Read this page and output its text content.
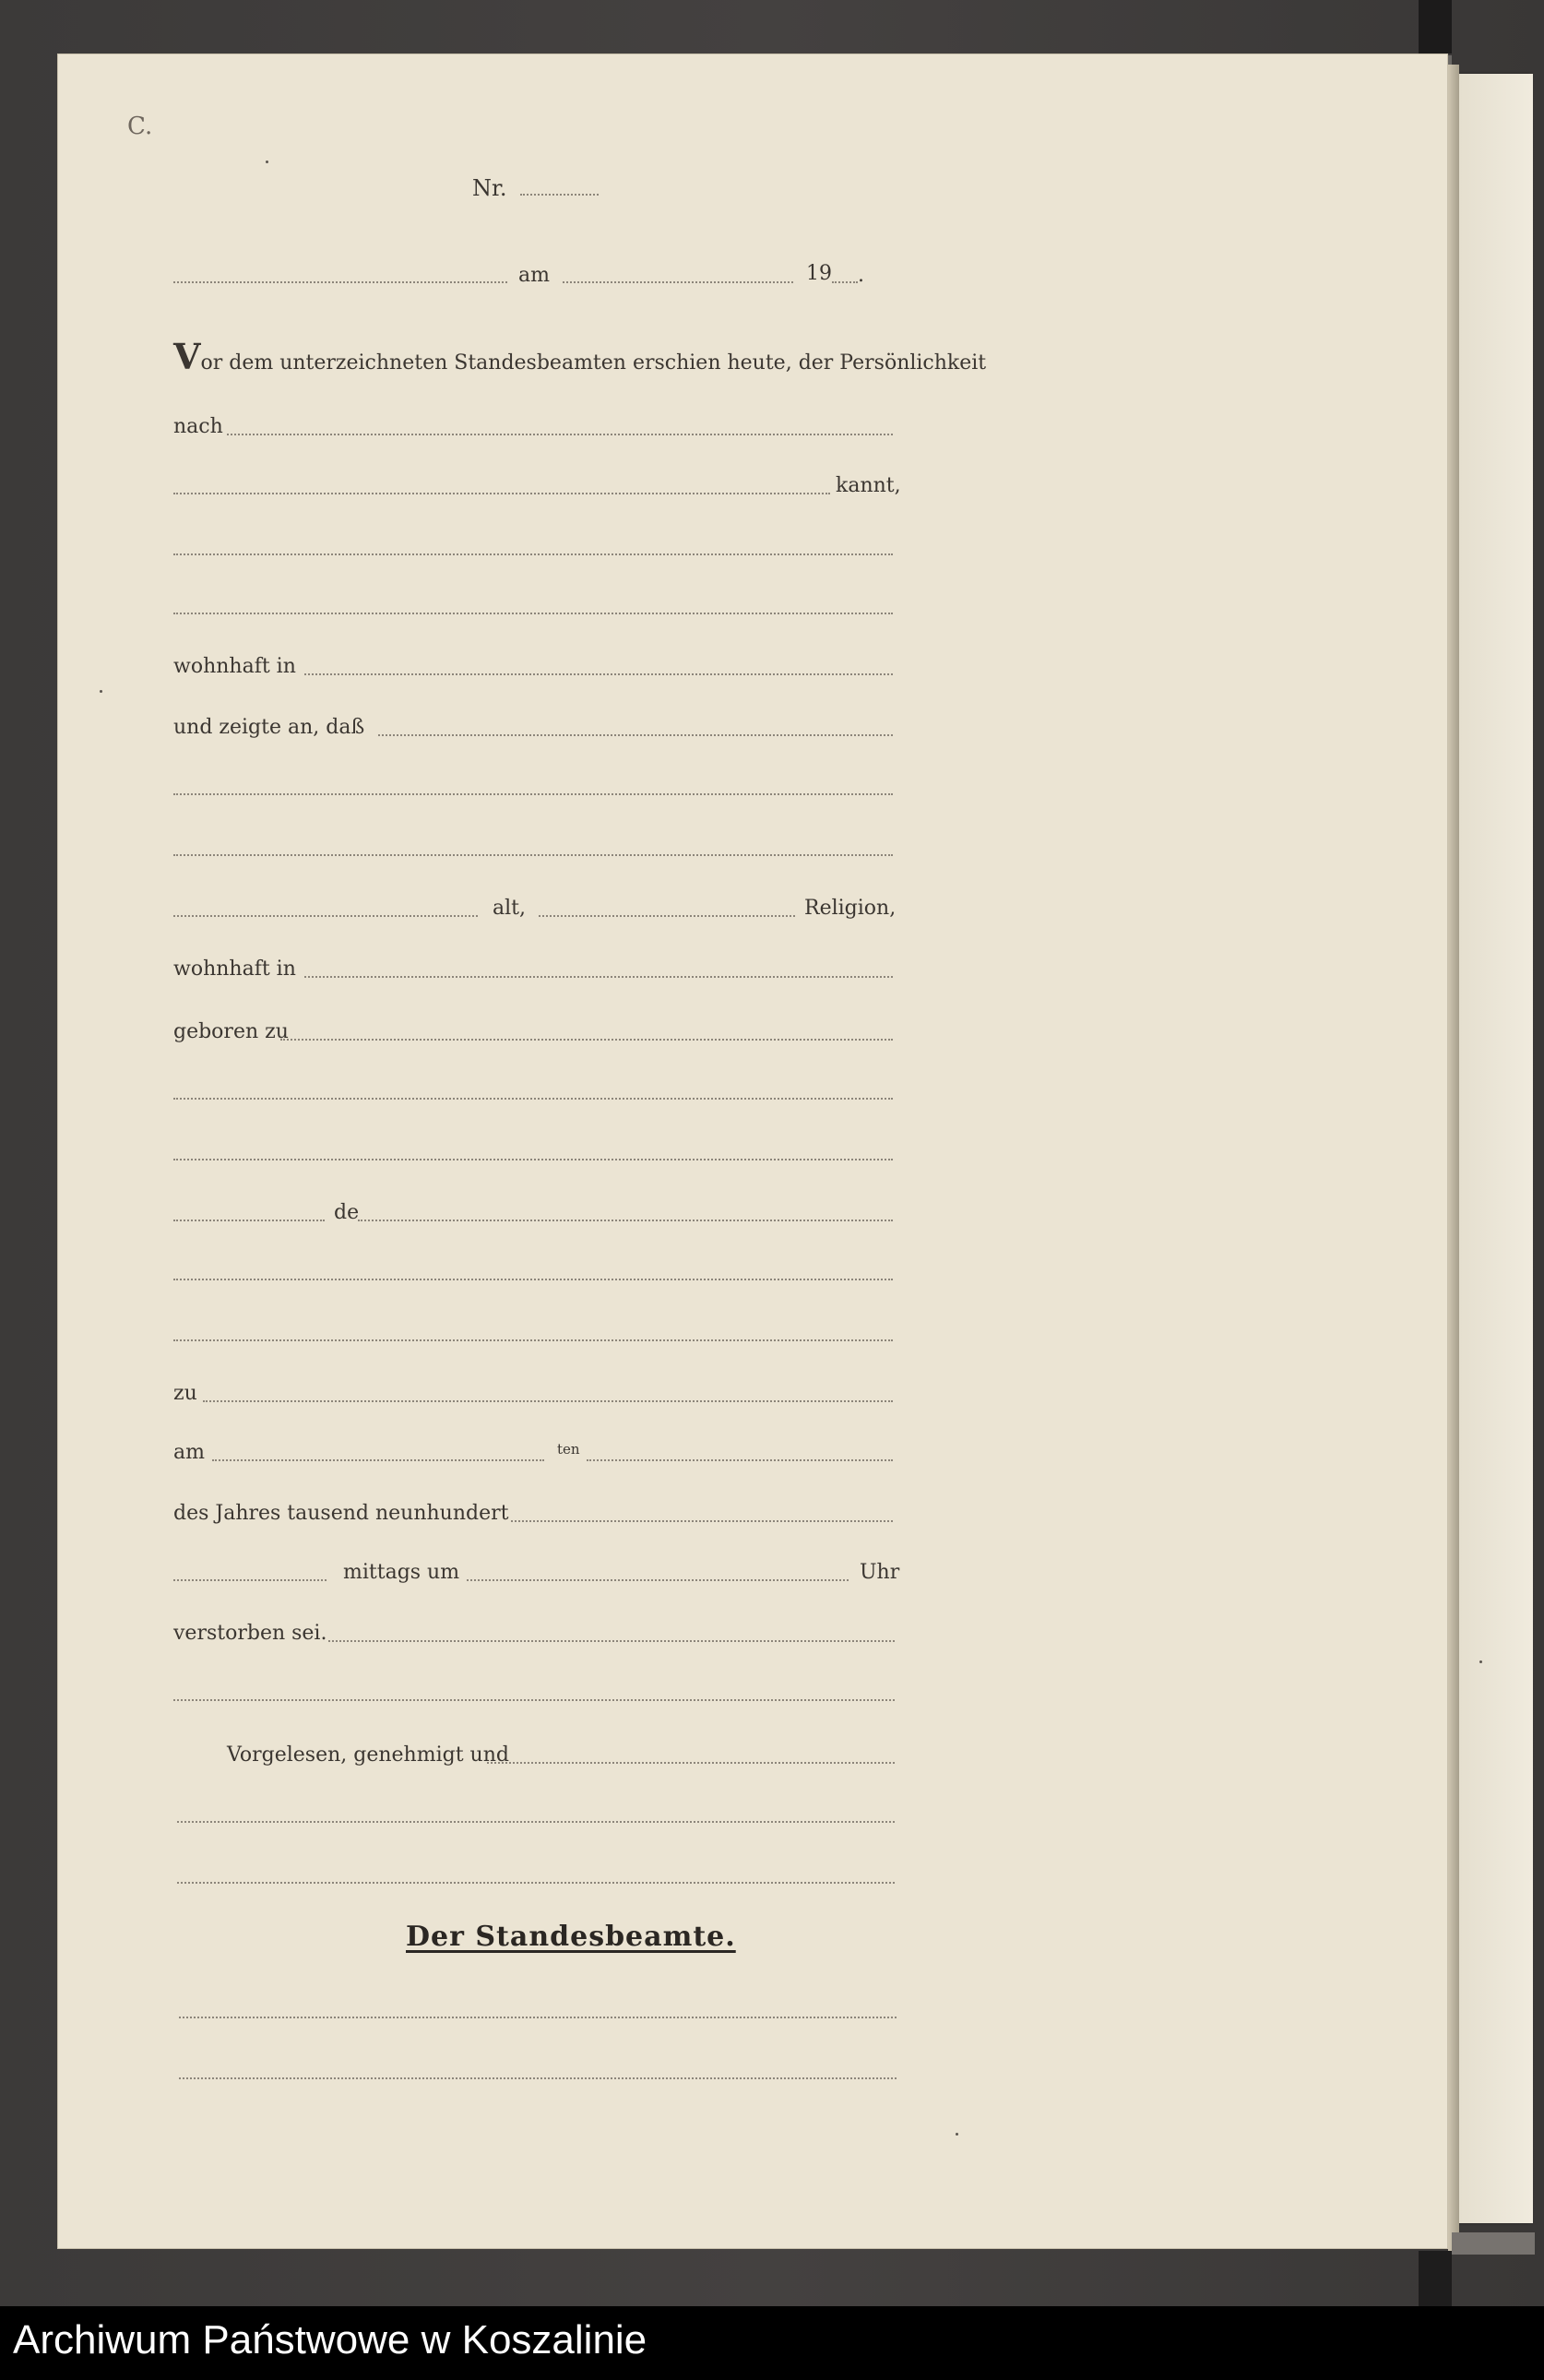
C.
Nr.
am	19 .
Vor dem unterzeichneten Standesbeamten erschien heute, der Persönlichkeit
nach
kannt,
wohnhaft in
und zeigte an, daß
alt,	Religion,
wohnhaft in
geboren zu
de
zu
am	ten
des Jahres tausend neunhundert
mittags um	Uhr
verstorben sei.
Vorgelesen, genehmigt und
Der Standesbeamte.
Archiwum Państwowe w Koszalinie
